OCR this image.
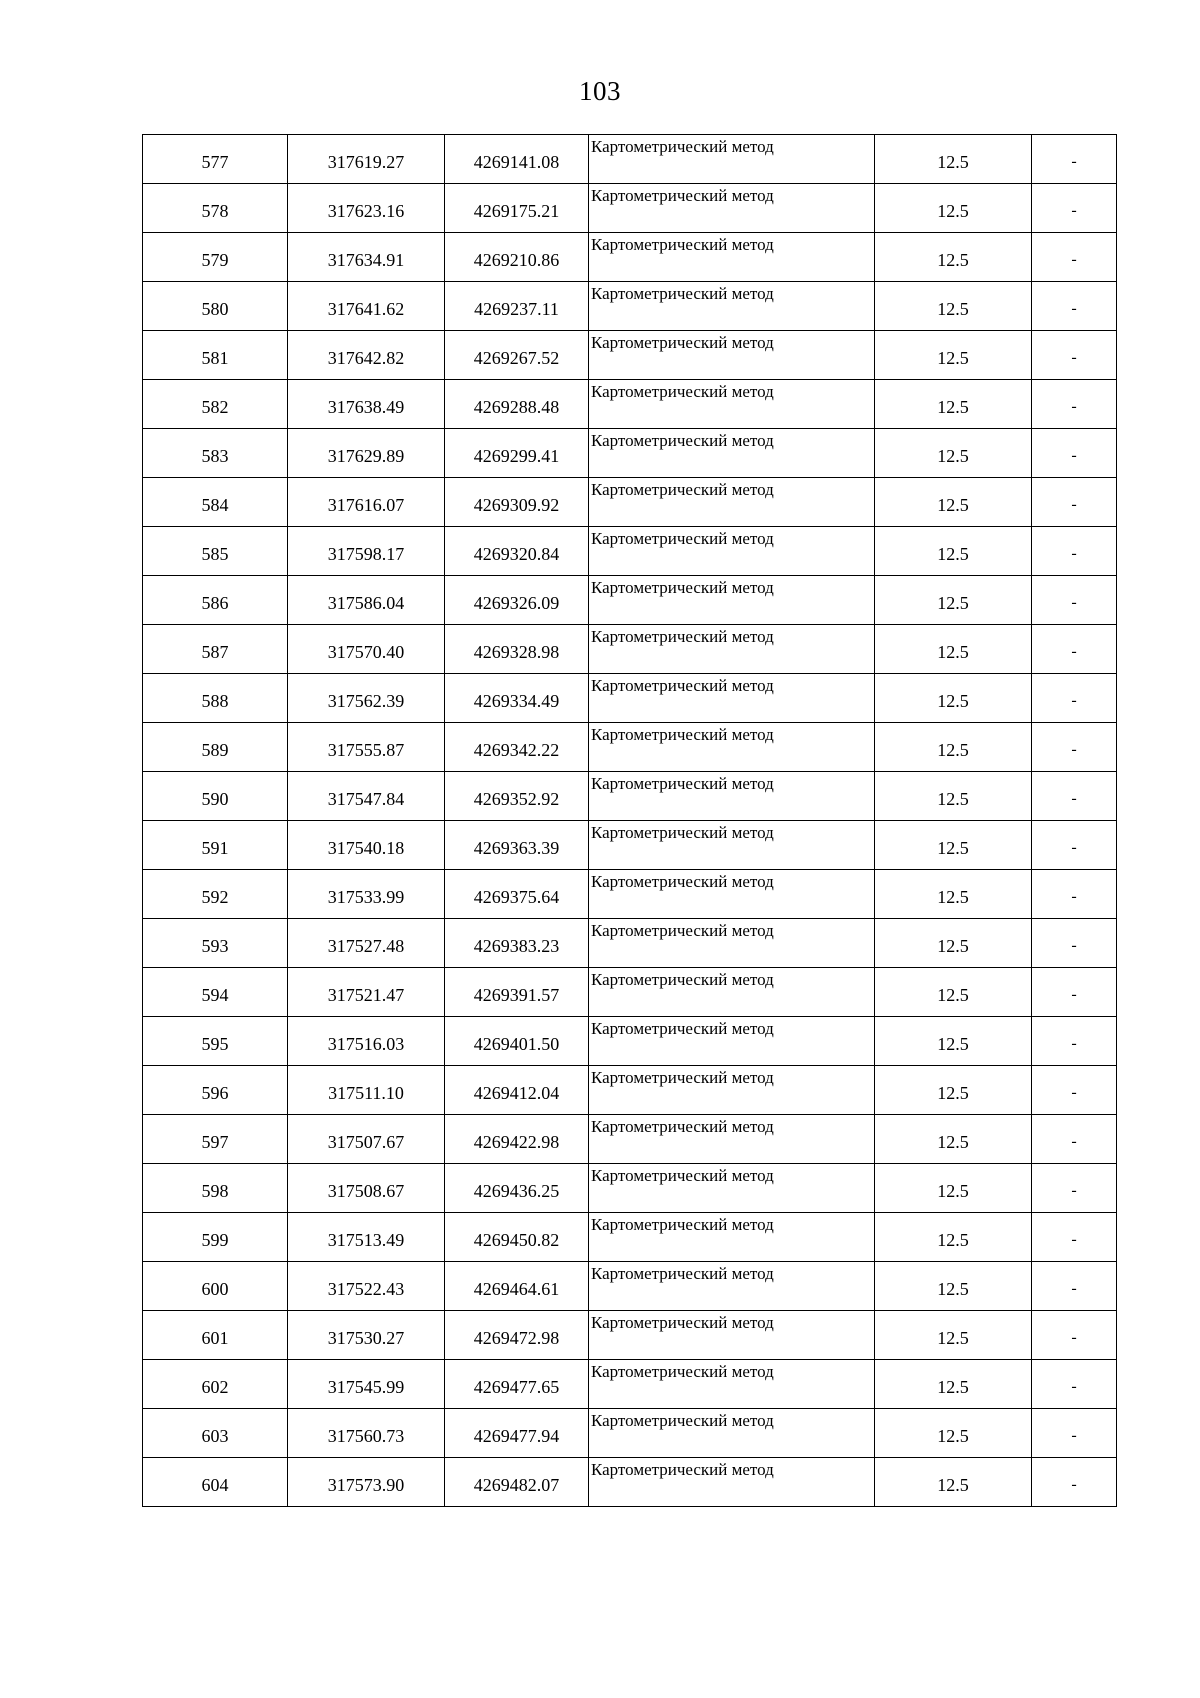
103
577	317619.27	4269141.08	Картометрический метод	12.5	-
578	317623.16	4269175.21	Картометрический метод	12.5	-
579	317634.91	4269210.86	Картометрический метод	12.5	-
580	317641.62	4269237.11	Картометрический метод	12.5	-
581	317642.82	4269267.52	Картометрический метод	12.5	-
582	317638.49	4269288.48	Картометрический метод	12.5	-
583	317629.89	4269299.41	Картометрический метод	12.5	-
584	317616.07	4269309.92	Картометрический метод	12.5	-
585	317598.17	4269320.84	Картометрический метод	12.5	-
586	317586.04	4269326.09	Картометрический метод	12.5	-
587	317570.40	4269328.98	Картометрический метод	12.5	-
588	317562.39	4269334.49	Картометрический метод	12.5	-
589	317555.87	4269342.22	Картометрический метод	12.5	-
590	317547.84	4269352.92	Картометрический метод	12.5	-
591	317540.18	4269363.39	Картометрический метод	12.5	-
592	317533.99	4269375.64	Картометрический метод	12.5	-
593	317527.48	4269383.23	Картометрический метод	12.5	-
594	317521.47	4269391.57	Картометрический метод	12.5	-
595	317516.03	4269401.50	Картометрический метод	12.5	-
596	317511.10	4269412.04	Картометрический метод	12.5	-
597	317507.67	4269422.98	Картометрический метод	12.5	-
598	317508.67	4269436.25	Картометрический метод	12.5	-
599	317513.49	4269450.82	Картометрический метод	12.5	-
600	317522.43	4269464.61	Картометрический метод	12.5	-
601	317530.27	4269472.98	Картометрический метод	12.5	-
602	317545.99	4269477.65	Картометрический метод	12.5	-
603	317560.73	4269477.94	Картометрический метод	12.5	-
604	317573.90	4269482.07	Картометрический метод	12.5	-
